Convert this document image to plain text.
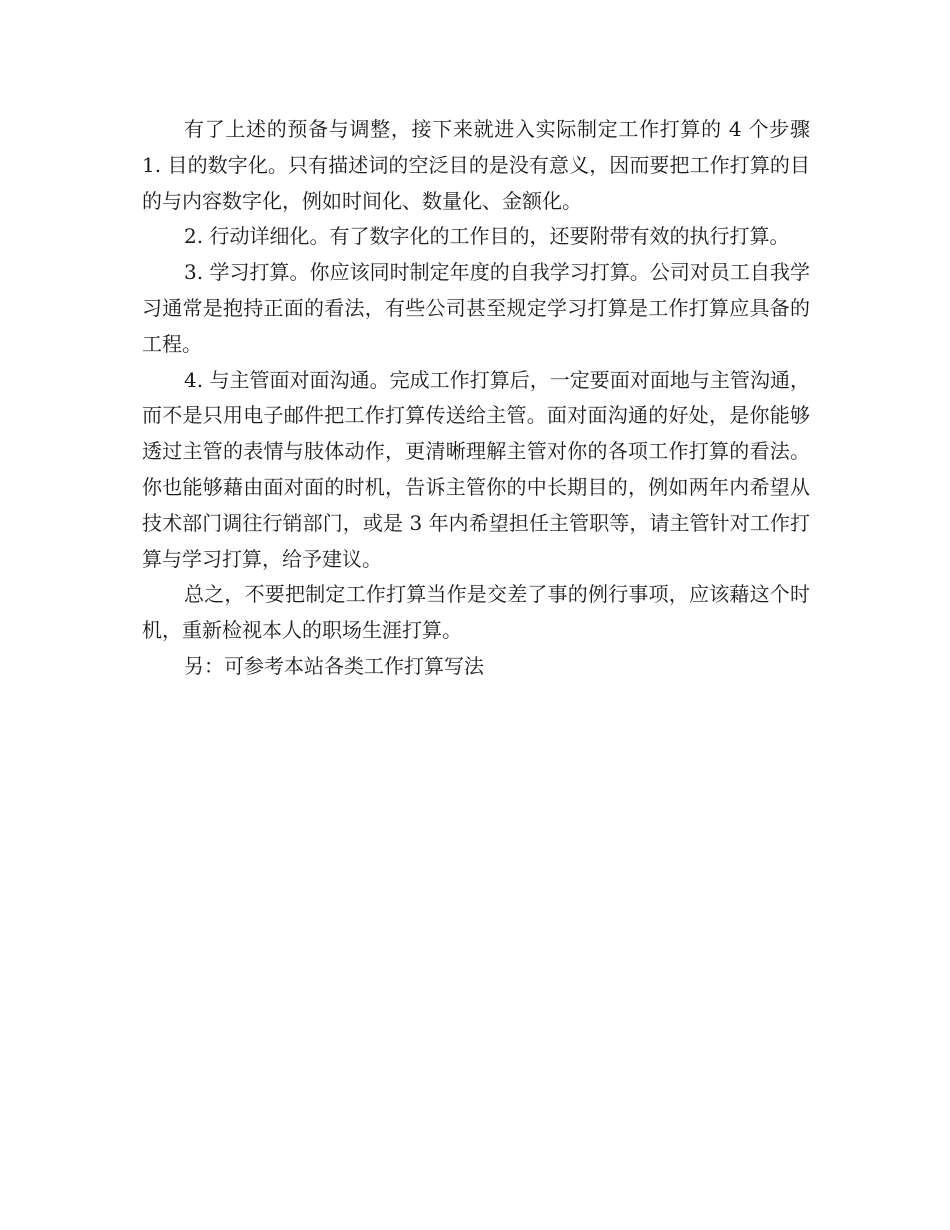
有了上述的预备与调整，接下来就进入实际制定工作打算的 4 个步骤　　1. 目的数字化。只有描述词的空泛目的是没有意义，因而要把工作打算的目的与内容数字化，例如时间化、数量化、金额化。

2. 行动详细化。有了数字化的工作目的，还要附带有效的执行打算。

3. 学习打算。你应该同时制定年度的自我学习打算。公司对员工自我学习通常是抱持正面的看法，有些公司甚至规定学习打算是工作打算应具备的工程。

4. 与主管面对面沟通。完成工作打算后，一定要面对面地与主管沟通，而不是只用电子邮件把工作打算传送给主管。面对面沟通的好处，是你能够透过主管的表情与肢体动作，更清晰理解主管对你的各项工作打算的看法。你也能够藉由面对面的时机，告诉主管你的中长期目的，例如两年内希望从技术部门调往行销部门，或是 3 年内希望担任主管职等，请主管针对工作打算与学习打算，给予建议。

总之，不要把制定工作打算当作是交差了事的例行事项，应该藉这个时机，重新检视本人的职场生涯打算。

另：可参考本站各类工作打算写法
